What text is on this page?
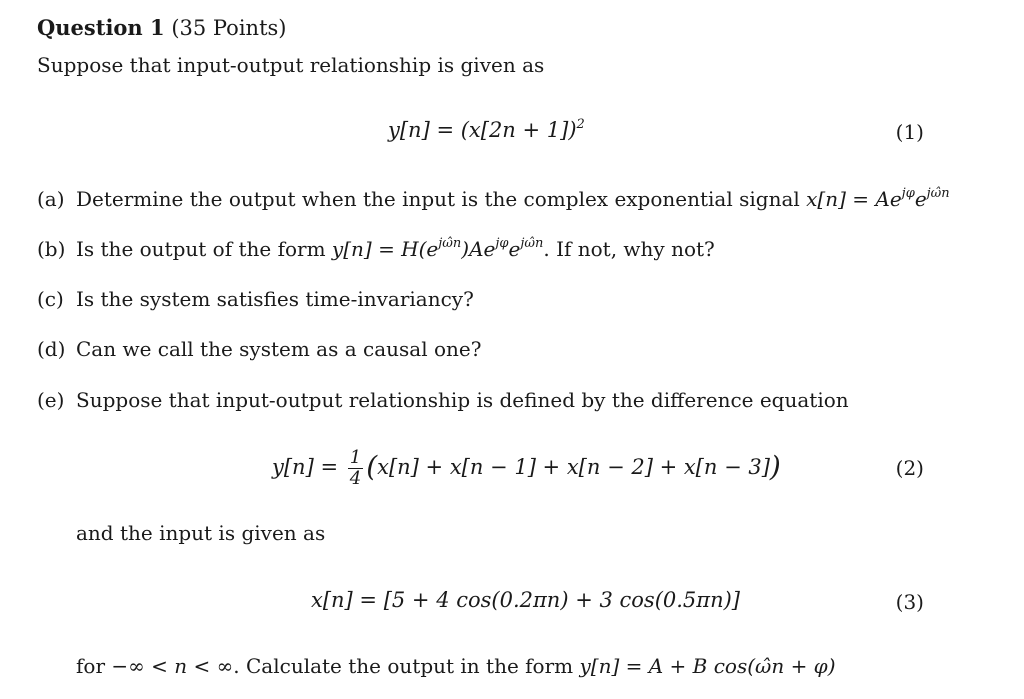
Question 1 (35 Points)
Suppose that input-output relationship is given as
$y[n] = (x[2n + 1])^2$	(1)
(a) Determine the output when the input is the complex exponential signal $x[n] = Ae^{j\varphi}e^{j\omegân}$
(b) Is the output of the form $y[n] = H(e^{j\omegân})Ae^{j\varphi}e^{j\omegân}$. If not, why not?
(c) Is the system satisfies time-invariancy?
(d) Can we call the system as a causal one?
(e) Suppose that input-output relationship is defined by the difference equation
$y[n] = \frac{1}{4} (x[n] + x[n - 1] + x[n - 2] + x[n - 3])$	(2)
and the input is given as
x[n] = [5 + 4 cos(0.2πn) + 3 cos(0.5πn)]	(3)
for −∞ < n < ∞. Calculate the output in the form y[n] = A + B cos(ω̂n + φ)
